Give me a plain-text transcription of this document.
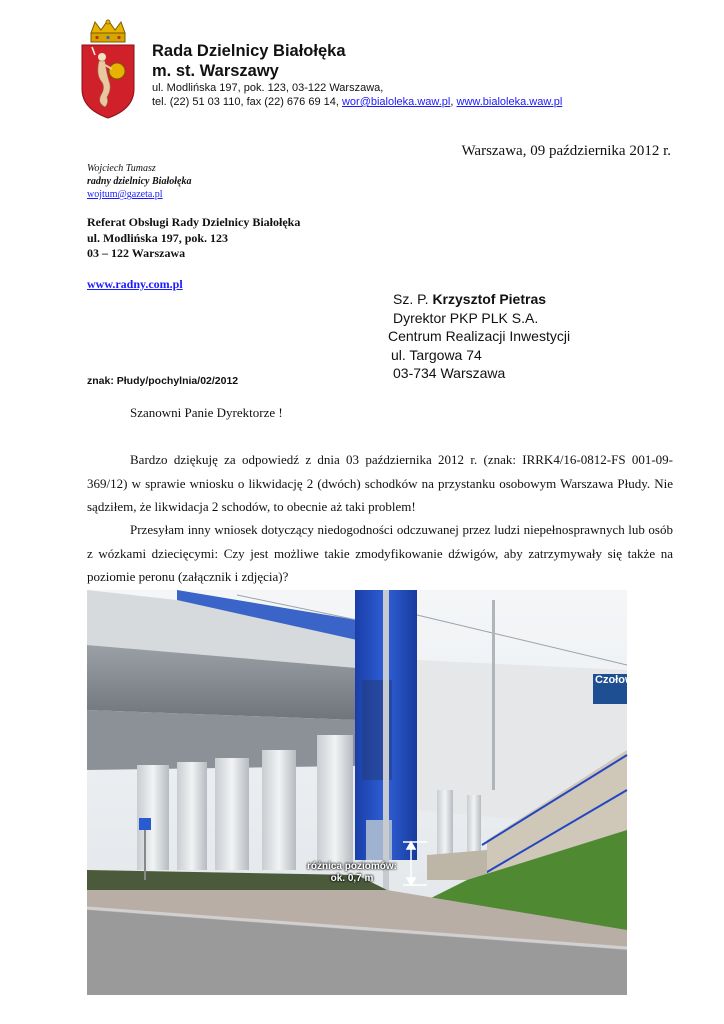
Rada Dzielnicy Białołęka
m. st. Warszawy
ul. Modlińska 197, pok. 123, 03-122 Warszawa,
tel. (22) 51 03 110, fax (22) 676 69 14, wor@bialoleka.waw.pl, www.bialoleka.waw.pl
Warszawa, 09 października 2012 r.
Wojciech Tumasz
radny dzielnicy Białołęka
wojtum@gazeta.pl
Referat Obsługi Rady Dzielnicy Białołęka
ul. Modlińska 197, pok. 123
03 – 122 Warszawa
www.radny.com.pl
Sz. P. Krzysztof Pietras
Dyrektor PKP PLK S.A.
Centrum Realizacji Inwestycji
ul. Targowa 74
03-734 Warszawa
znak: Płudy/pochylnia/02/2012
Szanowni Panie Dyrektorze !
Bardzo dziękuję za odpowiedź z dnia 03 października 2012 r. (znak: IRRK4/16-0812-FS 001-09-369/12) w sprawie wniosku o likwidację 2 (dwóch) schodków na przystanku osobowym Warszawa Płudy. Nie sądziłem, że likwidacja 2 schodów, to obecnie aż taki problem!
Przesyłam inny wniosek dotyczący niedogodności odczuwanej przez ludzi niepełnosprawnych lub osób z wózkami dziecięcymi: Czy jest możliwe takie zmodyfikowanie dźwigów, aby zatrzymywały się także na poziomie peronu (załącznik i zdjęcia)?
Czołow
różnica poziomów:
ok. 0,7 m
